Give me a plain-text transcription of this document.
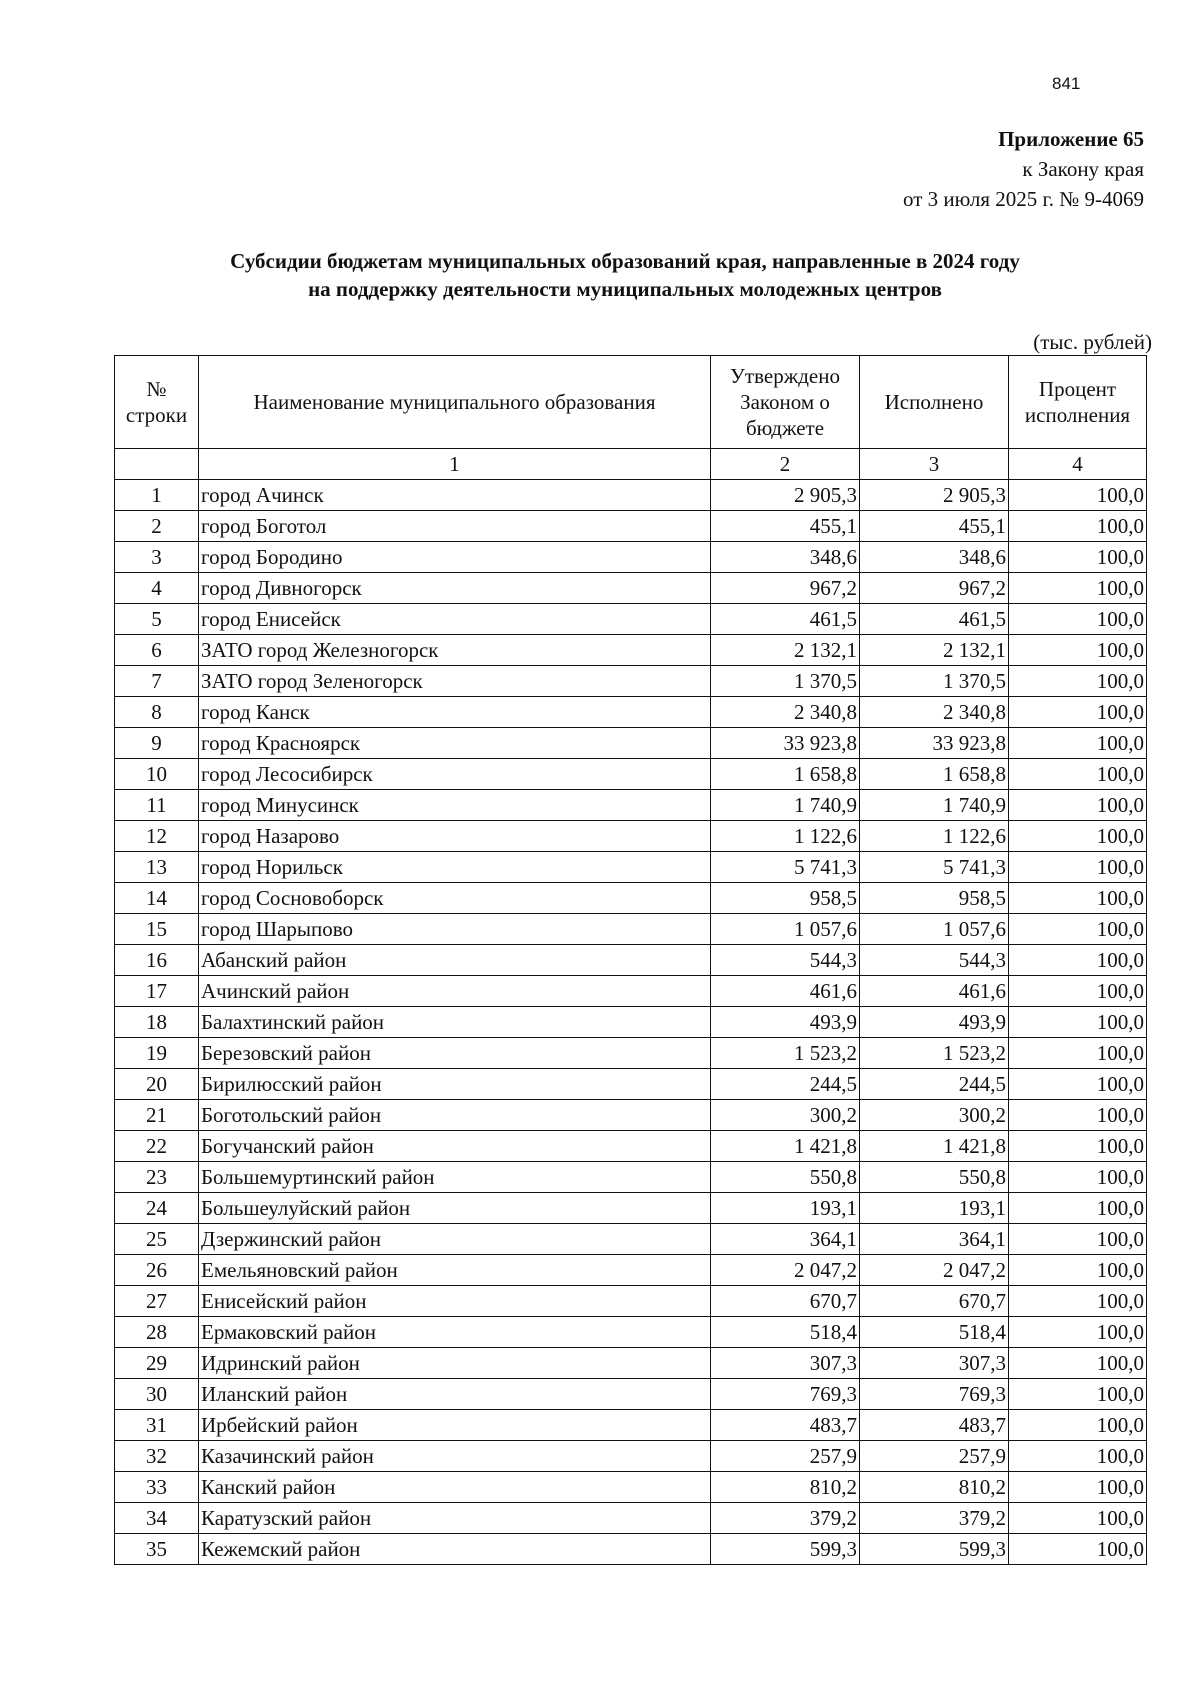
841
Приложение 65
к Закону края
от 3 июля 2025 г. № 9-4069
Субсидии бюджетам муниципальных образований края, направленные в 2024 году
на поддержку деятельности муниципальных молодежных центров
(тыс. рублей)
№ строки	Наименование муниципального образования	Утверждено Законом о бюджете	Исполнено	Процент исполнения
	1	2	3	4
1	город Ачинск	2 905,3	2 905,3	100,0
2	город Боготол	455,1	455,1	100,0
3	город Бородино	348,6	348,6	100,0
4	город Дивногорск	967,2	967,2	100,0
5	город Енисейск	461,5	461,5	100,0
6	ЗАТО город Железногорск	2 132,1	2 132,1	100,0
7	ЗАТО город Зеленогорск	1 370,5	1 370,5	100,0
8	город Канск	2 340,8	2 340,8	100,0
9	город Красноярск	33 923,8	33 923,8	100,0
10	город Лесосибирск	1 658,8	1 658,8	100,0
11	город Минусинск	1 740,9	1 740,9	100,0
12	город Назарово	1 122,6	1 122,6	100,0
13	город Норильск	5 741,3	5 741,3	100,0
14	город Сосновоборск	958,5	958,5	100,0
15	город Шарыпово	1 057,6	1 057,6	100,0
16	Абанский район	544,3	544,3	100,0
17	Ачинский район	461,6	461,6	100,0
18	Балахтинский район	493,9	493,9	100,0
19	Березовский район	1 523,2	1 523,2	100,0
20	Бирилюсский район	244,5	244,5	100,0
21	Боготольский район	300,2	300,2	100,0
22	Богучанский район	1 421,8	1 421,8	100,0
23	Большемуртинский район	550,8	550,8	100,0
24	Большеулуйский район	193,1	193,1	100,0
25	Дзержинский район	364,1	364,1	100,0
26	Емельяновский район	2 047,2	2 047,2	100,0
27	Енисейский район	670,7	670,7	100,0
28	Ермаковский район	518,4	518,4	100,0
29	Идринский район	307,3	307,3	100,0
30	Иланский район	769,3	769,3	100,0
31	Ирбейский район	483,7	483,7	100,0
32	Казачинский район	257,9	257,9	100,0
33	Канский район	810,2	810,2	100,0
34	Каратузский район	379,2	379,2	100,0
35	Кежемский район	599,3	599,3	100,0
